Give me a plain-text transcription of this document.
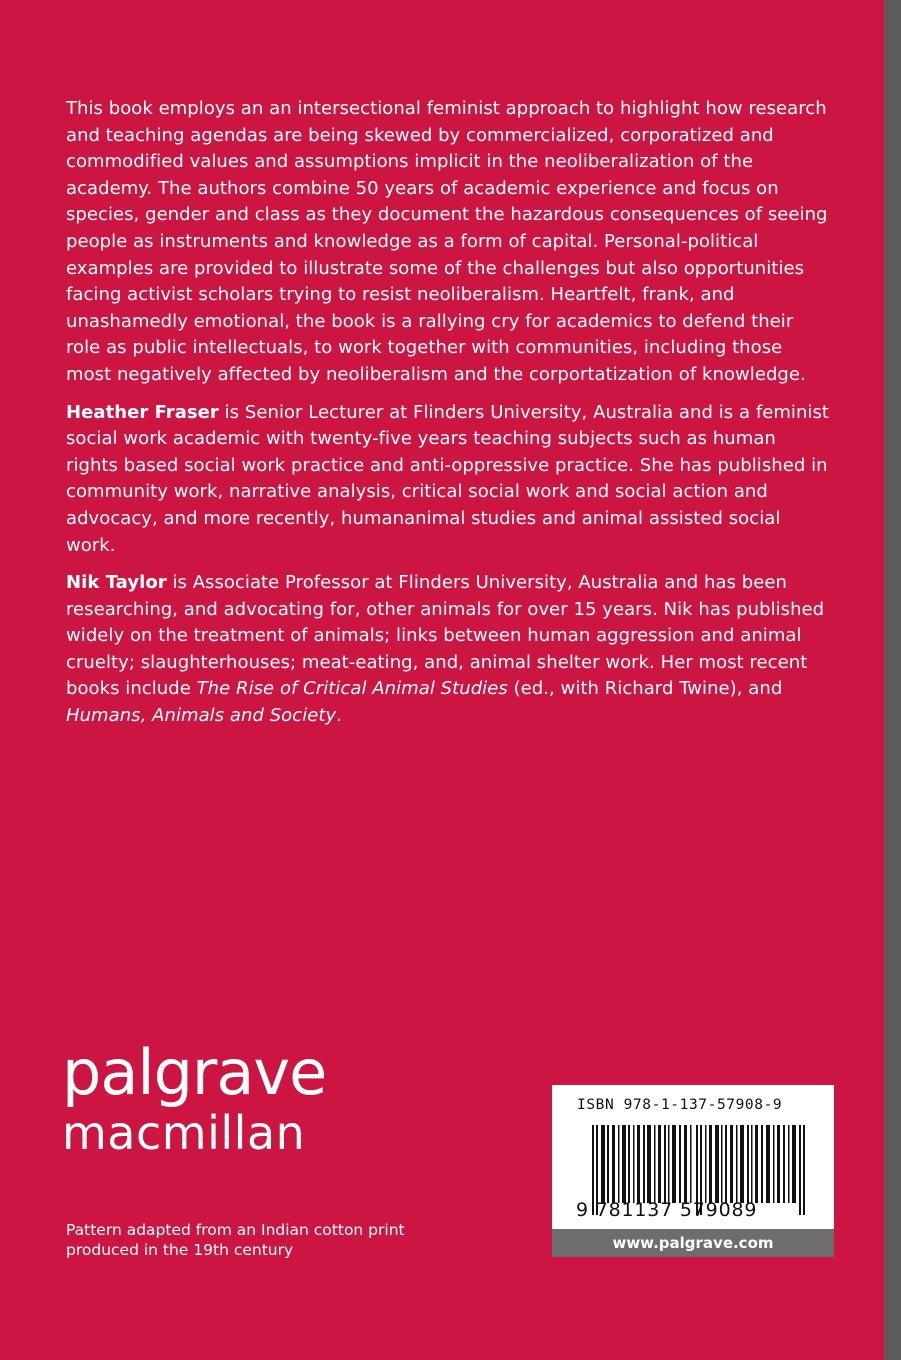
This book employs an an intersectional feminist approach to highlight how research and teaching agendas are being skewed by commercialized, corporatized and commodified values and assumptions implicit in the neoliberalization of the academy. The authors combine 50 years of academic experience and focus on species, gender and class as they document the hazardous consequences of seeing people as instruments and knowledge as a form of capital. Personal-political examples are provided to illustrate some of the challenges but also opportunities facing activist scholars trying to resist neoliberalism. Heartfelt, frank, and unashamedly emotional, the book is a rallying cry for academics to defend their role as public intellectuals, to work together with communities, including those most negatively affected by neoliberalism and the corportatization of knowledge.

Heather Fraser is Senior Lecturer at Flinders University, Australia and is a feminist social work academic with twenty-five years teaching subjects such as human rights based social work practice and anti-oppressive practice. She has published in community work, narrative analysis, critical social work and social action and advocacy, and more recently, humananimal studies and animal assisted social work.

Nik Taylor is Associate Professor at Flinders University, Australia and has been researching, and advocating for, other animals for over 15 years. Nik has published widely on the treatment of animals; links between human aggression and animal cruelty; slaughterhouses; meat-eating, and, animal shelter work. Her most recent books include The Rise of Critical Animal Studies (ed., with Richard Twine), and Humans, Animals and Society.

palgrave
macmillan
Pattern adapted from an Indian cotton print produced in the 19th century
ISBN 978-1-137-57908-9
9 781137 579089
www.palgrave.com
